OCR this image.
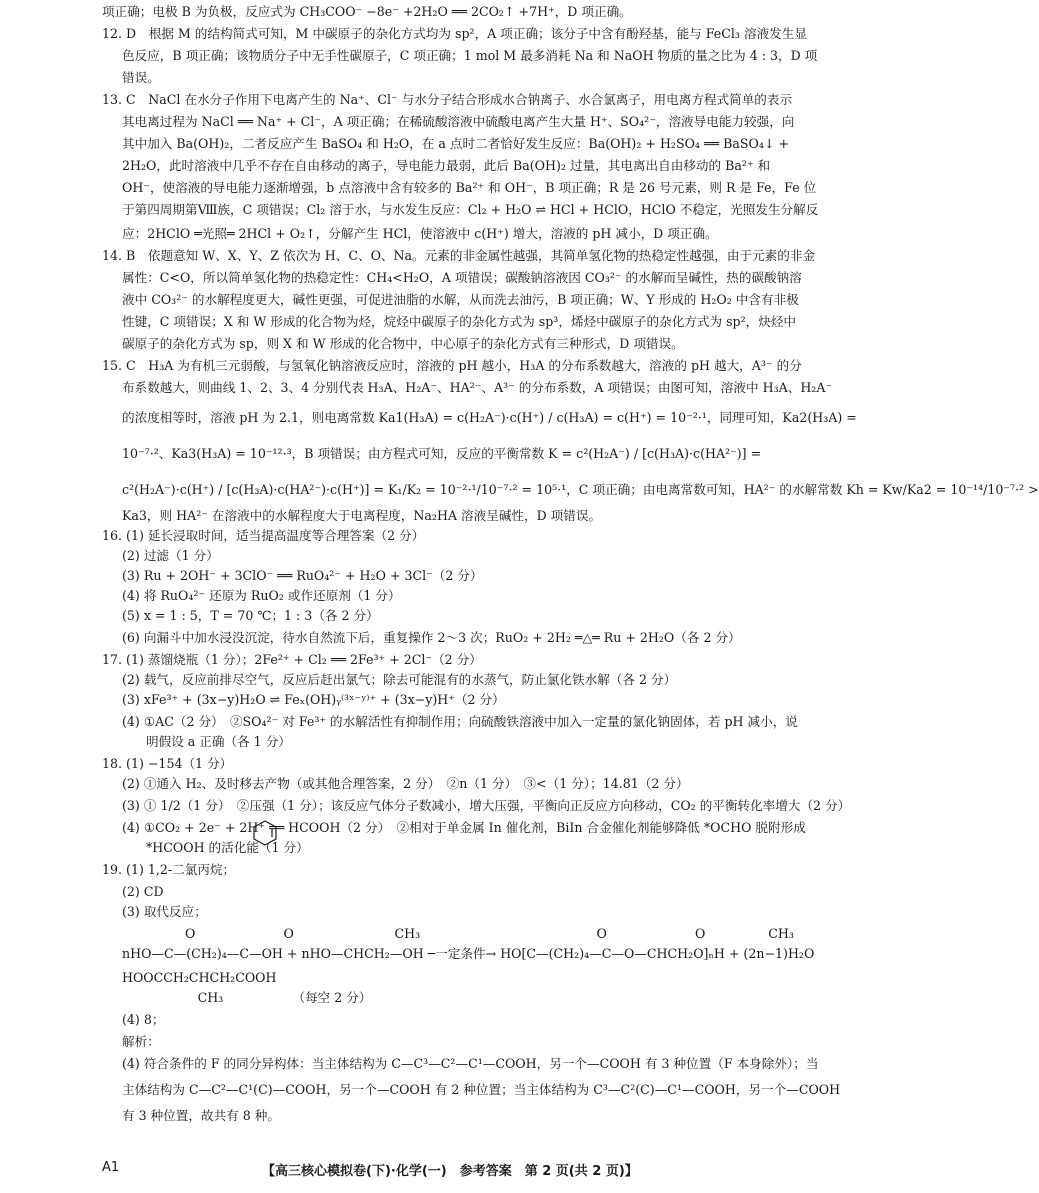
项正确；电极 B 为负极，反应式为 CH₃COO⁻ −8e⁻ +2H₂O ══ 2CO₂↑ +7H⁺，D 项正确。
12. D　根据 M 的结构简式可知，M 中碳原子的杂化方式均为 sp²，A 项正确；该分子中含有酚羟基，能与 FeCl₃ 溶液发生显
色反应，B 项正确；该物质分子中无手性碳原子，C 项正确；1 mol M 最多消耗 Na 和 NaOH 物质的量之比为 4 : 3，D 项
错误。
13. C　NaCl 在水分子作用下电离产生的 Na⁺、Cl⁻ 与水分子结合形成水合钠离子、水合氯离子，用电离方程式简单的表示
其电离过程为 NaCl ══ Na⁺ + Cl⁻，A 项正确；在稀硫酸溶液中硫酸电离产生大量 H⁺、SO₄²⁻，溶液导电能力较强，向
其中加入 Ba(OH)₂，二者反应产生 BaSO₄ 和 H₂O，在 a 点时二者恰好发生反应：Ba(OH)₂ + H₂SO₄ ══ BaSO₄↓ +
2H₂O，此时溶液中几乎不存在自由移动的离子，导电能力最弱，此后 Ba(OH)₂ 过量，其电离出自由移动的 Ba²⁺ 和
OH⁻，使溶液的导电能力逐渐增强，b 点溶液中含有较多的 Ba²⁺ 和 OH⁻，B 项正确；R 是 26 号元素，则 R 是 Fe，Fe 位
于第四周期第Ⅷ族，C 项错误；Cl₂ 溶于水，与水发生反应：Cl₂ + H₂O ⇌ HCl + HClO，HClO 不稳定，光照发生分解反
应：2HClO ═光照═ 2HCl + O₂↑，分解产生 HCl，使溶液中 c(H⁺) 增大，溶液的 pH 减小，D 项正确。
14. B　依题意知 W、X、Y、Z 依次为 H、C、O、Na。元素的非金属性越强，其简单氢化物的热稳定性越强，由于元素的非金
属性：C<O，所以简单氢化物的热稳定性：CH₄<H₂O，A 项错误；碳酸钠溶液因 CO₃²⁻ 的水解而呈碱性，热的碳酸钠溶
液中 CO₃²⁻ 的水解程度更大，碱性更强，可促进油脂的水解，从而洗去油污，B 项正确；W、Y 形成的 H₂O₂ 中含有非极
性键，C 项错误；X 和 W 形成的化合物为烃，烷烃中碳原子的杂化方式为 sp³，烯烃中碳原子的杂化方式为 sp²，炔烃中
碳原子的杂化方式为 sp，则 X 和 W 形成的化合物中，中心原子的杂化方式有三种形式，D 项错误。
15. C　H₃A 为有机三元弱酸，与氢氧化钠溶液反应时，溶液的 pH 越小，H₃A 的分布系数越大，溶液的 pH 越大，A³⁻ 的分
布系数越大，则曲线 1、2、3、4 分别代表 H₃A、H₂A⁻、HA²⁻、A³⁻ 的分布系数，A 项错误；由图可知，溶液中 H₃A、H₂A⁻
的浓度相等时，溶液 pH 为 2.1，则电离常数 Ka1(H₃A) = c(H₂A⁻)·c(H⁺) / c(H₃A) = c(H⁺) = 10⁻²·¹，同理可知，Ka2(H₃A) =
10⁻⁷·²、Ka3(H₃A) = 10⁻¹²·³，B 项错误；由方程式可知，反应的平衡常数 K = c²(H₂A⁻) / [c(H₃A)·c(HA²⁻)] =
c²(H₂A⁻)·c(H⁺) / [c(H₃A)·c(HA²⁻)·c(H⁺)] = K₁/K₂ = 10⁻²·¹/10⁻⁷·² = 10⁵·¹，C 项正确；由电离常数可知，HA²⁻ 的水解常数 Kh = Kw/Ka2 = 10⁻¹⁴/10⁻⁷·² >
Ka3，则 HA²⁻ 在溶液中的水解程度大于电离程度，Na₂HA 溶液呈碱性，D 项错误。
16. (1) 延长浸取时间，适当提高温度等合理答案（2 分）
(2) 过滤（1 分）
(3) Ru + 2OH⁻ + 3ClO⁻ ══ RuO₄²⁻ + H₂O + 3Cl⁻（2 分）
(4) 将 RuO₄²⁻ 还原为 RuO₂ 或作还原剂（1 分）
(5) x = 1 : 5，T = 70 ℃；1 : 3（各 2 分）
(6) 向漏斗中加水浸没沉淀，待水自然流下后，重复操作 2～3 次；RuO₂ + 2H₂ ═△═ Ru + 2H₂O（各 2 分）
17. (1) 蒸馏烧瓶（1 分）；2Fe²⁺ + Cl₂ ══ 2Fe³⁺ + 2Cl⁻（2 分）
(2) 载气，反应前排尽空气，反应后赶出氯气；除去可能混有的水蒸气，防止氯化铁水解（各 2 分）
(3) xFe³⁺ + (3x−y)H₂O ⇌ Feₓ(OH)ᵧ⁽³ˣ⁻ʸ⁾⁺ + (3x−y)H⁺（2 分）
(4) ①AC（2 分）　②SO₄²⁻ 对 Fe³⁺ 的水解活性有抑制作用；向硫酸铁溶液中加入一定量的氯化钠固体，若 pH 减小，说
明假设 a 正确（各 1 分）
18. (1) −154（1 分）
(2) ①通入 H₂、及时移去产物（或其他合理答案，2 分）　②n（1 分）　③<（1 分）；14.81（2 分）
(3) ① 1/2（1 分）　②压强（1 分）；该反应气体分子数减小，增大压强，平衡向正反应方向移动，CO₂ 的平衡转化率增大（2 分）
(4) ①CO₂ + 2e⁻ + 2H⁺ ══ HCOOH（2 分）　②相对于单金属 In 催化剂，BiIn 合金催化剂能够降低 *OCHO 脱附形成
*HCOOH 的活化能（1 分）
19. (1) 1,2-二氯丙烷；
(2) CD
(3) 取代反应；
　　　　　O　　　　　　　O　　　　　　　　CH₃　　　　　　　　　　　　　　O　　　　　　　O　　　　　CH₃
nHO—C—(CH₂)₄—C—OH + nHO—CHCH₂—OH ─一定条件→ HO[C—(CH₂)₄—C—O—CHCH₂O]ₙH + (2n−1)H₂O
HOOCCH₂CHCH₂COOH
　　　　　　CH₃　　　　　　（每空 2 分）
(4) 8；
解析：
(4) 符合条件的 F 的同分异构体：当主体结构为 C—C³—C²—C¹—COOH，另一个—COOH 有 3 种位置（F 本身除外）；当
主体结构为 C—C²—C¹(C)—COOH，另一个—COOH 有 2 种位置；当主体结构为 C³—C²(C)—C¹—COOH，另一个—COOH
有 3 种位置，故共有 8 种。
A1	【高三核心模拟卷(下)·化学(一)　参考答案　第 2 页(共 2 页)】
